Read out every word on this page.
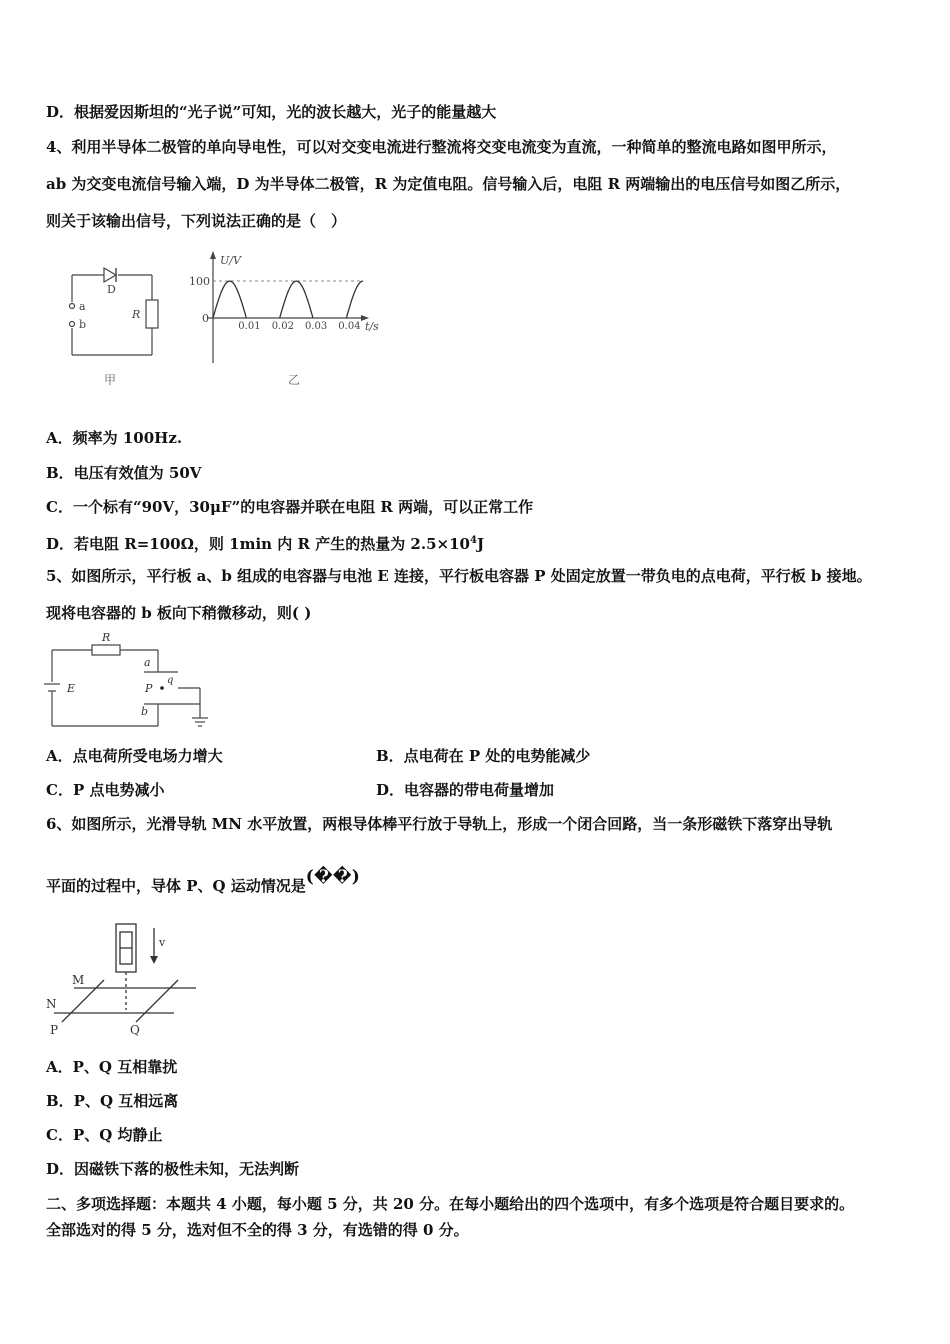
D．根据爱因斯坦的“光子说”可知，光的波长越大，光子的能量越大
4、利用半导体二极管的单向导电性，可以对交变电流进行整流将交变电流变为直流，一种简单的整流电路如图甲所示，
ab 为交变电流信号输入端，D 为半导体二极管，R 为定值电阻。信号输入后，电阻 R 两端输出的电压信号如图乙所示，
则关于该输出信号，下列说法正确的是（　）
D
a
b
R
甲
U/V
100
0
0.01 0.02 0.03 0.04 t/s
乙
A．频率为 100Hz.
B．电压有效值为 50V
C．一个标有“90V，30μF”的电容器并联在电阻 R 两端，可以正常工作
D．若电阻 R=100Ω，则 1min 内 R 产生的热量为 $2.5\times 10^4J$
5、如图所示，平行板 a、b 组成的电容器与电池 E 连接，平行板电容器 P 处固定放置一带负电的点电荷，平行板 b 接地。
现将电容器的 b 板向下稍微移动，则( )
R
E
a
P
q
b
A．点电荷所受电场力增大	B．点电荷在 P 处的电势能减少
C．P 点电势减小	D．电容器的带电荷量增加
6、如图所示，光滑导轨 MN 水平放置，两根导体棒平行放于导轨上，形成一个闭合回路，当一条形磁铁下落穿出导轨
平面的过程中，导体 P、Q 运动情况是(��)
v
M
N
P	Q
A．P、Q 互相靠扰
B．P、Q 互相远离
C．P、Q 均静止
D．因磁铁下落的极性未知，无法判断
二、多项选择题：本题共 4 小题，每小题 5 分，共 20 分。在每小题给出的四个选项中，有多个选项是符合题目要求的。
全部选对的得 5 分，选对但不全的得 3 分，有选错的得 0 分。
